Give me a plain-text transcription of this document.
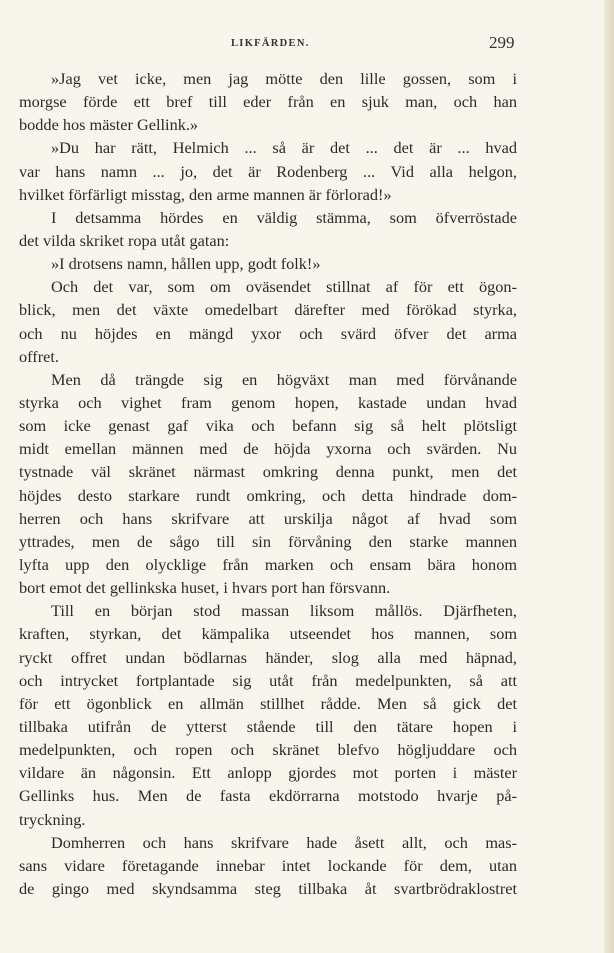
LIKFÄRDEN.	299
»Jag vet icke, men jag mötte den lille gossen, som i
morgse förde ett bref till eder från en sjuk man, och han
bodde hos mäster Gellink.»
»Du har rätt, Helmich ... så är det ... det är ... hvad
var hans namn ... jo, det är Rodenberg ... Vid alla helgon,
hvilket förfärligt misstag, den arme mannen är förlorad!»
I detsamma hördes en väldig stämma, som öfverröstade
det vilda skriket ropa utåt gatan:
»I drotsens namn, hållen upp, godt folk!»
Och det var, som om oväsendet stillnat af för ett ögon-
blick, men det växte omedelbart därefter med förökad styrka,
och nu höjdes en mängd yxor och svärd öfver det arma
offret.
Men då trängde sig en högväxt man med förvånande
styrka och vighet fram genom hopen, kastade undan hvad
som icke genast gaf vika och befann sig så helt plötsligt
midt emellan männen med de höjda yxorna och svärden. Nu
tystnade väl skränet närmast omkring denna punkt, men det
höjdes desto starkare rundt omkring, och detta hindrade dom-
herren och hans skrifvare att urskilja något af hvad som
yttrades, men de sågo till sin förvåning den starke mannen
lyfta upp den olycklige från marken och ensam bära honom
bort emot det gellinkska huset, i hvars port han försvann.
Till en början stod massan liksom mållös. Djärfheten,
kraften, styrkan, det kämpalika utseendet hos mannen, som
ryckt offret undan bödlarnas händer, slog alla med häpnad,
och intrycket fortplantade sig utåt från medelpunkten, så att
för ett ögonblick en allmän stillhet rådde. Men så gick det
tillbaka utifrån de ytterst stående till den tätare hopen i
medelpunkten, och ropen och skränet blefvo högljuddare och
vildare än någonsin. Ett anlopp gjordes mot porten i mäster
Gellinks hus. Men de fasta ekdörrarna motstodo hvarje på-
tryckning.
Domherren och hans skrifvare hade åsett allt, och mas-
sans vidare företagande innebar intet lockande för dem, utan
de gingo med skyndsamma steg tillbaka åt svartbrödraklostret
